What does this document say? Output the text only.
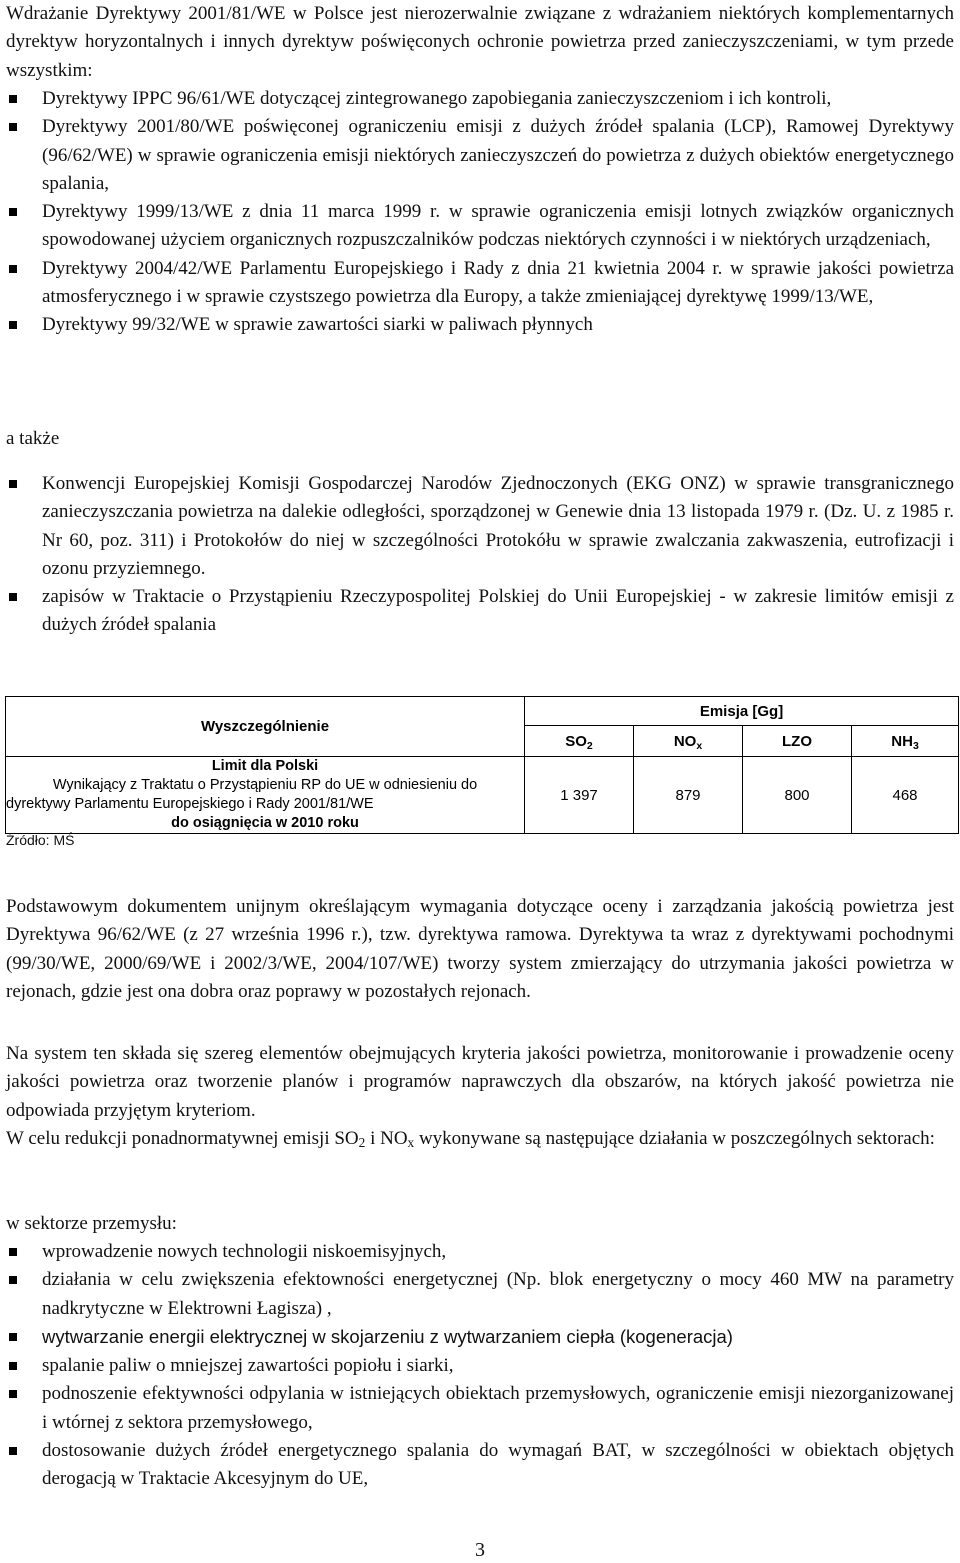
Wdrażanie Dyrektywy 2001/81/WE w Polsce jest nierozerwalnie związane z wdrażaniem niektórych komplementarnych dyrektyw horyzontalnych i innych dyrektyw poświęconych ochronie powietrza przed zanieczyszczeniami, w tym przede wszystkim:

Dyrektywy IPPC 96/61/WE dotyczącej zintegrowanego zapobiegania zanieczyszczeniom i ich kontroli,
Dyrektywy 2001/80/WE poświęconej ograniczeniu emisji z dużych źródeł spalania (LCP), Ramowej Dyrektywy (96/62/WE) w sprawie ograniczenia emisji niektórych zanieczyszczeń do powietrza z dużych obiektów energetycznego spalania,
Dyrektywy 1999/13/WE z dnia 11 marca 1999 r. w sprawie ograniczenia emisji lotnych związków organicznych spowodowanej użyciem organicznych rozpuszczalników podczas niektórych czynności i w niektórych urządzeniach,
Dyrektywy 2004/42/WE Parlamentu Europejskiego i Rady z dnia 21 kwietnia 2004 r. w sprawie jakości powietrza atmosferycznego i w sprawie czystszego powietrza dla Europy, a także zmieniającej dyrektywę 1999/13/WE,
Dyrektywy 99/32/WE w sprawie zawartości siarki w paliwach płynnych
a także
Konwencji Europejskiej Komisji Gospodarczej Narodów Zjednoczonych (EKG ONZ) w sprawie transgranicznego zanieczyszczania powietrza na dalekie odległości, sporządzonej w Genewie dnia 13 listopada 1979 r. (Dz. U. z 1985 r. Nr 60, poz. 311) i Protokołów do niej w szczególności Protokółu w sprawie zwalczania zakwaszenia, eutrofizacji i ozonu przyziemnego.
zapisów w Traktacie o Przystąpieniu Rzeczypospolitej Polskiej do Unii Europejskiej - w zakresie limitów emisji z dużych źródeł spalania
Wyszczególnienie	Emisja [Gg]			
	$SO_2$	$NO_x$	LZO	$NH_3$

Limit dla Polski
Wynikający z Traktatu o Przystąpieniu RP do UE w odniesieniu do
dyrektywy Parlamentu Europejskiego i Rady 2001/81/WE
do osiągnięcia w 2010 roku	1 397	879	800	468
Źródło: MŚ

Podstawowym dokumentem unijnym określającym wymagania dotyczące oceny i zarządzania jakością powietrza jest Dyrektywa 96/62/WE (z 27 września 1996 r.), tzw. dyrektywa ramowa. Dyrektywa ta wraz z dyrektywami pochodnymi (99/30/WE, 2000/69/WE i 2002/3/WE, 2004/107/WE) tworzy system zmierzający do utrzymania jakości powietrza w rejonach, gdzie jest ona dobra oraz poprawy w pozostałych rejonach.

Na system ten składa się szereg elementów obejmujących kryteria jakości powietrza, monitorowanie i prowadzenie oceny jakości powietrza oraz tworzenie planów i programów naprawczych dla obszarów, na których jakość powietrza nie odpowiada przyjętym kryteriom.

W celu redukcji ponadnormatywnej emisji $SO_2$ i $NO_x$ wykonywane są następujące działania w poszczególnych sektorach:

w sektorze przemysłu:
wprowadzenie nowych technologii niskoemisyjnych,
działania w celu zwiększenia efektowności energetycznej (Np. blok energetyczny o mocy 460 MW na parametry nadkrytyczne w Elektrowni Łagisza) ,
wytwarzanie energii elektrycznej w skojarzeniu z wytwarzaniem ciepła (kogeneracja)
spalanie paliw o mniejszej zawartości popiołu i siarki,
podnoszenie efektywności odpylania w istniejących obiektach przemysłowych, ograniczenie emisji niezorganizowanej i wtórnej z sektora przemysłowego,
dostosowanie dużych źródeł energetycznego spalania do wymagań BAT, w szczególności w obiektach objętych derogacją w Traktacie Akcesyjnym do UE,
3
